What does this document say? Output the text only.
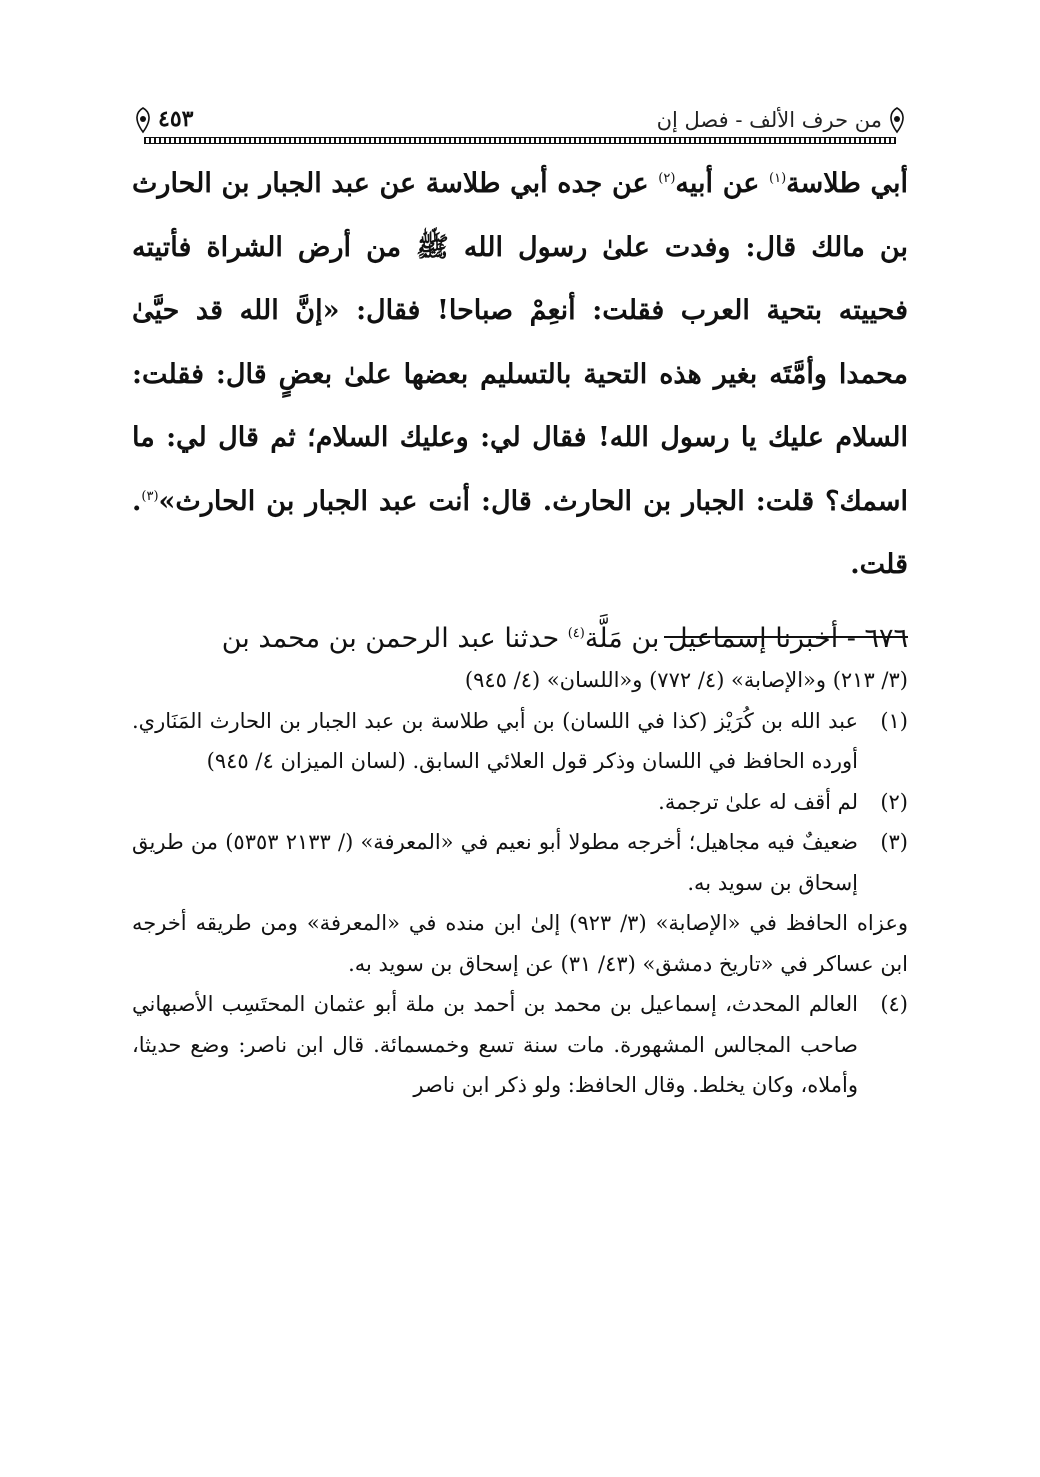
من حرف الألف - فصل إن
٤٥٣

أبي طلاسة$^{(١)}$ عن أبيه$^{(٢)}$ عن جده أبي طلاسة عن عبد الجبار بن الحارث بن مالك قال: وفدت علىٰ رسول الله ﷺ من أرض الشراة فأتيته فحييته بتحية العرب فقلت: أنعِمْ صباحا! فقال: «إنَّ الله قد حيَّىٰ محمدا وأمَّتَه بغير هذه التحية بالتسليم بعضها علىٰ بعضٍ قال: فقلت: السلام عليك يا رسول الله! فقال لي: وعليك السلام؛ ثم قال لي: ما اسمك؟ قلت: الجبار بن الحارث. قال: أنت عبد الجبار بن الحارث»$^{(٣)}$. قلت.

٦٧٦ - أخبرنا إسماعيل بن مَلَّة$^{(٤)}$ حدثنا عبد الرحمن بن محمد بن

(٣/ ٢١٣) و«الإصابة» (٤/ ٧٧٢) و«اللسان» (٤/ ٩٤٥)

(١)
عبد الله بن كُرَيْز (كذا في اللسان) بن أبي طلاسة بن عبد الجبار بن الحارث المَنَاري. أورده الحافظ في اللسان وذكر قول العلائي السابق. (لسان الميزان ٤/ ٩٤٥)
(٢)
لم أقف له علىٰ ترجمة.
(٣)
ضعيفٌ فيه مجاهيل؛ أخرجه مطولا أبو نعيم في «المعرفة» (/ ٢١٣٣ ٥٣٥٣) من طريق إسحاق بن سويد به.

وعزاه الحافظ في «الإصابة» (٣/ ٩٢٣) إلىٰ ابن منده في «المعرفة» ومن طريقه أخرجه ابن عساكر في «تاريخ دمشق» (٤٣/ ٣١) عن إسحاق بن سويد به.

(٤)
العالم المحدث، إسماعيل بن محمد بن أحمد بن ملة أبو عثمان المحتَسِب الأصبهاني صاحب المجالس المشهورة. مات سنة تسع وخمسمائة. قال ابن ناصر: وضع حديثا، وأملاه، وكان يخلط. وقال الحافظ: ولو ذكر ابن ناصر
